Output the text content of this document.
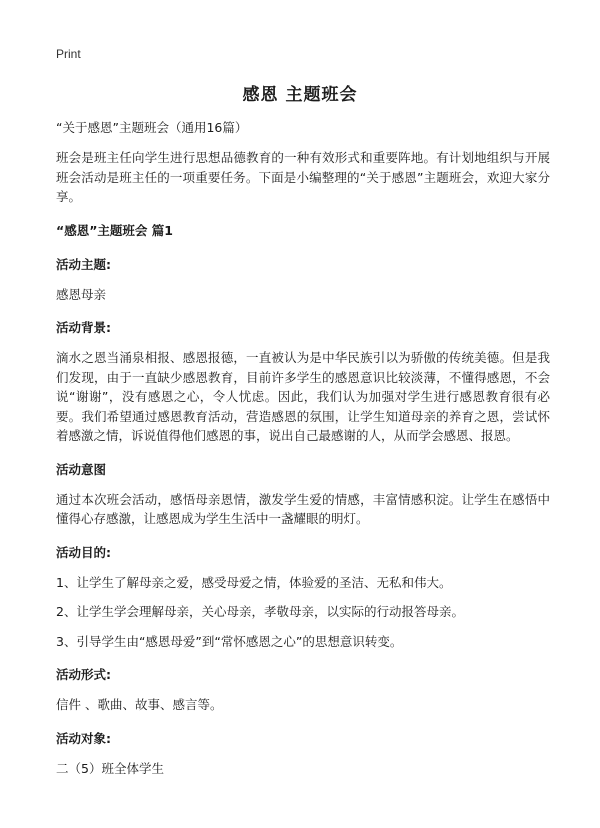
Print
感恩 主题班会
“关于感恩”主题班会（通用16篇）
班会是班主任向学生进行思想品德教育的一种有效形式和重要阵地。有计划地组织与开展班会活动是班主任的一项重要任务。下面是小编整理的“关于感恩”主题班会，欢迎大家分享。
“感恩”主题班会 篇1
活动主题:
感恩母亲
活动背景:
滴水之恩当涌泉相报、感恩报德，一直被认为是中华民族引以为骄傲的传统美德。但是我们发现，由于一直缺少感恩教育，目前许多学生的感恩意识比较淡薄，不懂得感恩，不会说“谢谢”，没有感恩之心，令人忧虑。因此，我们认为加强对学生进行感恩教育很有必要。我们希望通过感恩教育活动，营造感恩的氛围，让学生知道母亲的养育之恩，尝试怀着感激之情，诉说值得他们感恩的事，说出自己最感谢的人，从而学会感恩、报恩。
活动意图
通过本次班会活动，感悟母亲恩情，激发学生爱的情感，丰富情感积淀。让学生在感悟中懂得心存感激，让感恩成为学生生活中一盏耀眼的明灯。
活动目的:
1、让学生了解母亲之爱，感受母爱之情，体验爱的圣洁、无私和伟大。
2、让学生学会理解母亲，关心母亲，孝敬母亲，以实际的行动报答母亲。
3、引导学生由“感恩母爱”到“常怀感恩之心”的思想意识转变。
活动形式:
信件 、歌曲、故事、感言等。
活动对象:
二（5）班全体学生
